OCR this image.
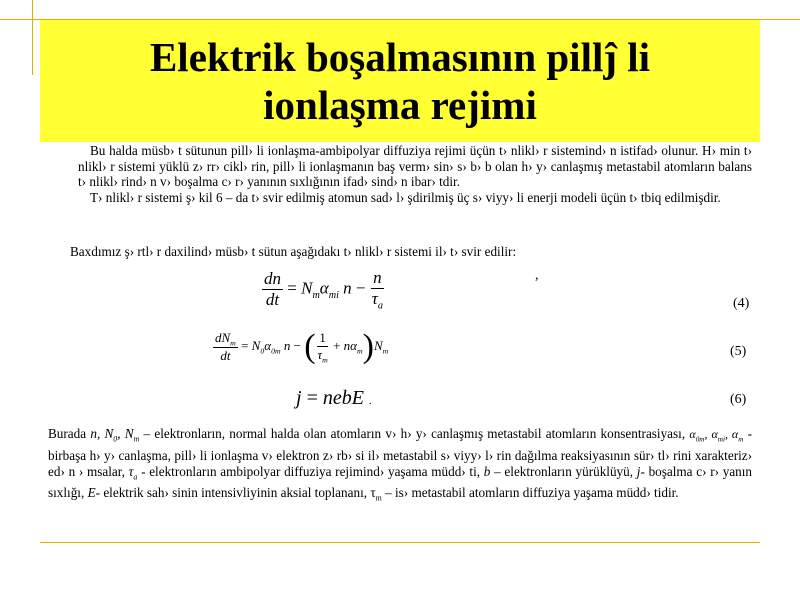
Elektrik boşalmasının pillĵ li
ionlaşma rejimi

Bu halda müsb› t sütunun pill› li ionlaşma-ambipolyar diffuziya rejimi üçün t› nlikl› r sistemind› n istifad› olunur. H› min t› nlikl› r sistemi yüklü z› rr› cikl› rin, pill› li ionlaşmanın baş verm› sin› s› b› b olan h› y› canlaşmış metastabil atomların balans t› nlikl› rind› n v› boşalma c› r› yanının sıxlığının ifad› sind› n ibar› tdir.

T› nlikl› r sistemi ş› kil 6 – da t› svir edilmiş atomun sad› l› şdirilmiş üç s› viyy› li enerji modeli üçün t› tbiq edilmişdir.

Baxdımız ş› rtl› r daxilind› müsb› t sütun aşağıdakı t› nlikl› r sistemi il› t› svir edilir:
$\frac{dn}{dt} = N_m\alpha_{mi}$ $n - \frac{n}{\tau_a}$	,
(4)
$\frac{dN_m}{dt} = N_0\alpha_{0m}$ n − ( $\frac{1}{\tau_m} + n\alpha_m)N_m$	(5)
j = nebE .	(6)
Burada n, $N_0$, $N_m$ – elektronların, normal halda olan atomların v› h› y› canlaşmış metastabil atomların konsentrasiyası, $\alpha_{0m}$, $\alpha_{mi}$, $\alpha_m$ - birbaşa h› y› canlaşma, pill› li ionlaşma v› elektron z› rb› si il› metastabil s› viyy› l› rin dağılma reaksiyasının sür› tl› rini xarakteriz› ed› n › msalar, $\tau_a$ - elektronların ambipolyar diffuziya rejimind› yaşama müdd› ti, b – elektronların yürüklüyü, j- boşalma c› r› yanın sıxlığı, E- elektrik sah› sinin intensivliyinin aksial toplananı, $\tau_m$ – is› metastabil atomların diffuziya yaşama müdd› tidir.
